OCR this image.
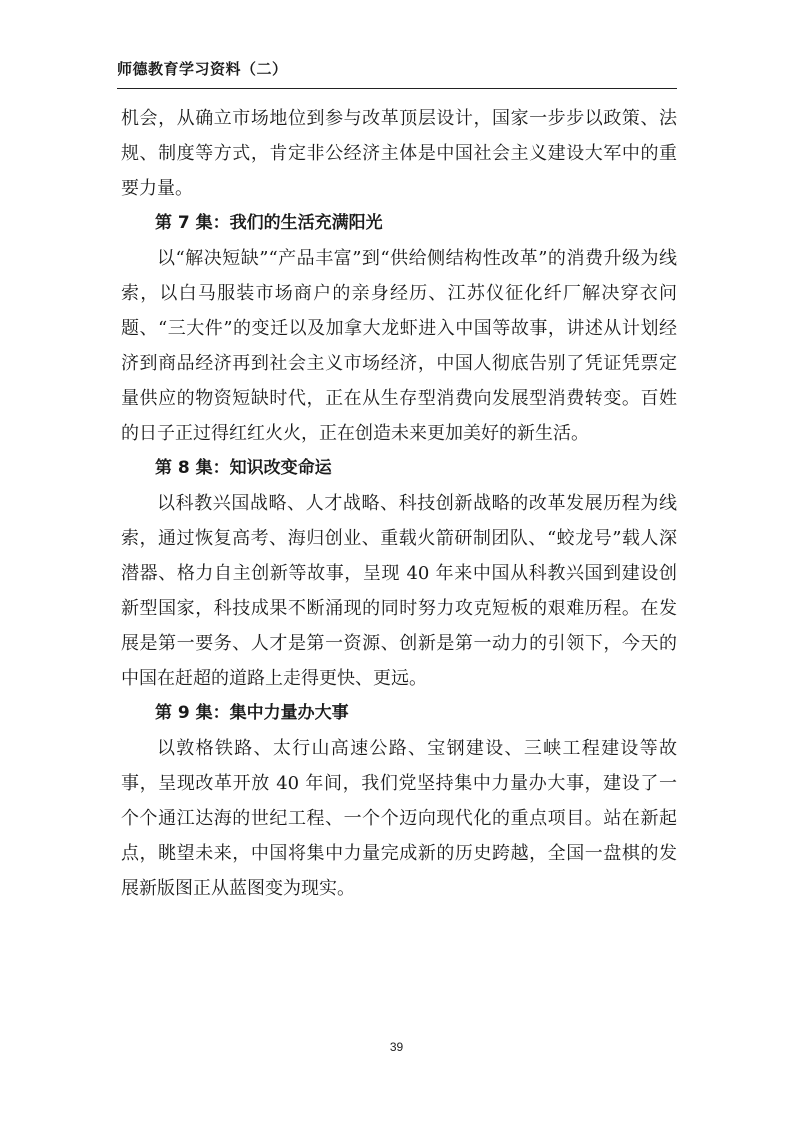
师德教育学习资料（二）

机会，从确立市场地位到参与改革顶层设计，国家一步步以政策、法规、制度等方式，肯定非公经济主体是中国社会主义建设大军中的重要力量。

第 7 集：我们的生活充满阳光

以“解决短缺”“产品丰富”到“供给侧结构性改革”的消费升级为线索，以白马服装市场商户的亲身经历、江苏仪征化纤厂解决穿衣问题、“三大件”的变迁以及加拿大龙虾进入中国等故事，讲述从计划经济到商品经济再到社会主义市场经济，中国人彻底告别了凭证凭票定量供应的物资短缺时代，正在从生存型消费向发展型消费转变。百姓的日子正过得红红火火，正在创造未来更加美好的新生活。

第 8 集：知识改变命运

以科教兴国战略、人才战略、科技创新战略的改革发展历程为线索，通过恢复高考、海归创业、重载火箭研制团队、“蛟龙号”载人深潜器、格力自主创新等故事，呈现 40 年来中国从科教兴国到建设创新型国家，科技成果不断涌现的同时努力攻克短板的艰难历程。在发展是第一要务、人才是第一资源、创新是第一动力的引领下，今天的中国在赶超的道路上走得更快、更远。

第 9 集：集中力量办大事

以敦格铁路、太行山高速公路、宝钢建设、三峡工程建设等故事，呈现改革开放 40 年间，我们党坚持集中力量办大事，建设了一个个通江达海的世纪工程、一个个迈向现代化的重点项目。站在新起点，眺望未来，中国将集中力量完成新的历史跨越，全国一盘棋的发展新版图正从蓝图变为现实。

39
